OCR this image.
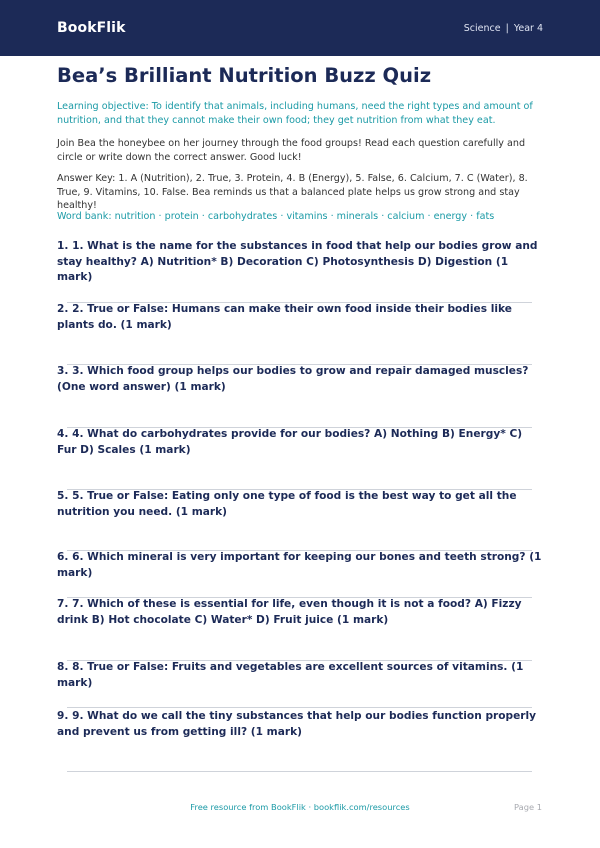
BookFlik	Science | Year 4
Bea’s Brilliant Nutrition Buzz Quiz
Learning objective: To identify that animals, including humans, need the right types and amount of nutrition, and that they cannot make their own food; they get nutrition from what they eat.
Join Bea the honeybee on her journey through the food groups! Read each question carefully and circle or write down the correct answer. Good luck!
Answer Key: 1. A (Nutrition), 2. True, 3. Protein, 4. B (Energy), 5. False, 6. Calcium, 7. C (Water), 8. True, 9. Vitamins, 10. False. Bea reminds us that a balanced plate helps us grow strong and stay healthy!
Word bank: nutrition · protein · carbohydrates · vitamins · minerals · calcium · energy · fats

1. 1. What is the name for the substances in food that help our bodies grow and stay healthy? A) Nutrition* B) Decoration C) Photosynthesis D) Digestion (1 mark)

2. 2. True or False: Humans can make their own food inside their bodies like plants do. (1 mark)

3. 3. Which food group helps our bodies to grow and repair damaged muscles? (One word answer) (1 mark)

4. 4. What do carbohydrates provide for our bodies? A) Nothing B) Energy* C) Fur D) Scales (1 mark)

5. 5. True or False: Eating only one type of food is the best way to get all the nutrition you need. (1 mark)

6. 6. Which mineral is very important for keeping our bones and teeth strong? (1 mark)

7. 7. Which of these is essential for life, even though it is not a food? A) Fizzy drink B) Hot chocolate C) Water* D) Fruit juice (1 mark)

8. 8. True or False: Fruits and vegetables are excellent sources of vitamins. (1 mark)

9. 9. What do we call the tiny substances that help our bodies function properly and prevent us from getting ill? (1 mark)

Free resource from BookFlik · bookflik.com/resources	Page 1
